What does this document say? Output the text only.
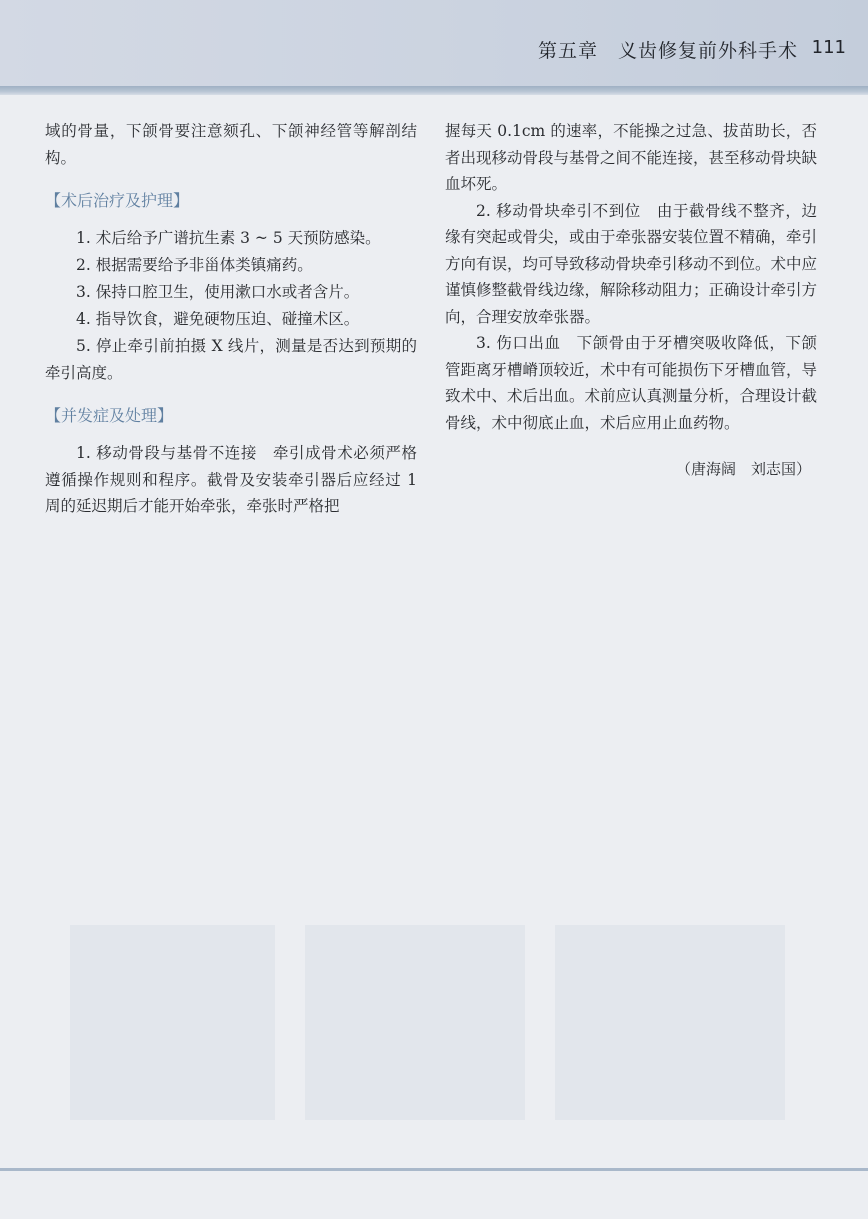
第五章　义齿修复前外科手术 111

域的骨量，下颌骨要注意颏孔、下颌神经管等解剖结构。

【术后治疗及护理】

1. 术后给予广谱抗生素 3 ~ 5 天预防感染。

2. 根据需要给予非甾体类镇痛药。

3. 保持口腔卫生，使用漱口水或者含片。

4. 指导饮食，避免硬物压迫、碰撞术区。

5. 停止牵引前拍摄 X 线片，测量是否达到预期的牵引高度。

【并发症及处理】

1. 移动骨段与基骨不连接　牵引成骨术必须严格遵循操作规则和程序。截骨及安装牵引器后应经过 1 周的延迟期后才能开始牵张，牵张时严格把

握每天 0.1cm 的速率，不能操之过急、拔苗助长，否者出现移动骨段与基骨之间不能连接，甚至移动骨块缺血坏死。

2. 移动骨块牵引不到位　由于截骨线不整齐，边缘有突起或骨尖，或由于牵张器安装位置不精确，牵引方向有误，均可导致移动骨块牵引移动不到位。术中应谨慎修整截骨线边缘，解除移动阻力；正确设计牵引方向，合理安放牵张器。

3. 伤口出血　下颌骨由于牙槽突吸收降低，下颌管距离牙槽嵴顶较近，术中有可能损伤下牙槽血管，导致术中、术后出血。术前应认真测量分析，合理设计截骨线，术中彻底止血，术后应用止血药物。

（唐海阔　刘志国）
